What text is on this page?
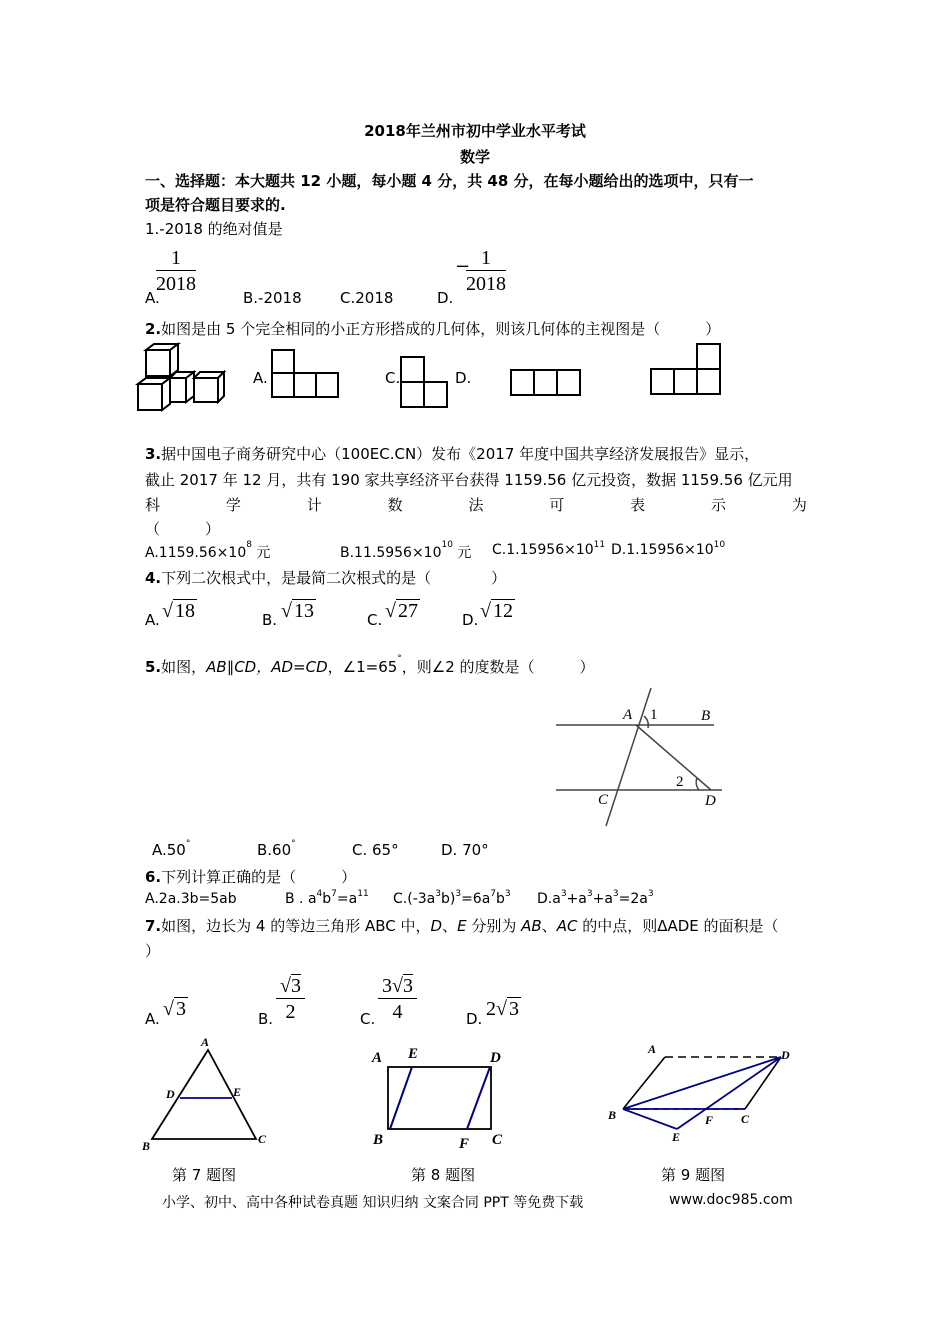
2018年兰州市初中学业水平考试
数学
一、选择题：本大题共 12 小题，每小题 4 分，共 48 分，在每小题给出的选项中，只有一
项是符合题目要求的.
1.-2018 的绝对值是
A.
$\frac{1}{2018}$
B.-2018	C.2018	D.
−
$\frac{1}{2018}$
2.如图是由 5 个完全相同的小正方形搭成的几何体，则该几何体的主视图是（　　　）
A.	C.	D.
3.据中国电子商务研究中心（100EC.CN）发布《2017 年度中国共享经济发展报告》显示，
截止 2017 年 12 月，共有 190 家共享经济平台获得 1159.56 亿元投资，数据 1159.56 亿元用
科	学	计	数	法	可	表	示	为
（　　　）
$A.1159.56\times 10^8$ 元	$B.11.5956\times 10^{10}$ 元 $C.1.15956\times 10^{11}$ $D.1.15956\times 10^{10}$
4.下列二次根式中，是最简二次根式的是（　　　　）
A. √ 18	B. √ 13	C. √ 27	D. √ 12
5.如图，AB∥CD，AD=CD，∠1=65°，则∠2 的度数是（　　　）
A 1	B
2
C	D
A.50°	B.60°	C. 65°	D. 70°
6.下列计算正确的是（　　　）
A.2a.3b=5ab	B . $a^4b^7=a^{11}$ $C.(-3a^3b)^3=6a^7b^3$ $D.a^3+a^3+a^3=2a^3$
7.如图，边长为 4 的等边三角形 ABC 中，D、E 分别为 AB、AC 的中点，则ΔADE 的面积是（
）
A. √ 3	B. $\frac{√3}{2}$	C. $\frac{3√3}{4}$	D. 2√ 3
A
D	E
B	C
第 7 题图
A E	D
B	F C
第 8 题图
A	D
B	F C
E
第 9 题图
小学、初中、高中各种试卷真题 知识归纳 文案合同 PPT 等免费下载	www.doc985.com
